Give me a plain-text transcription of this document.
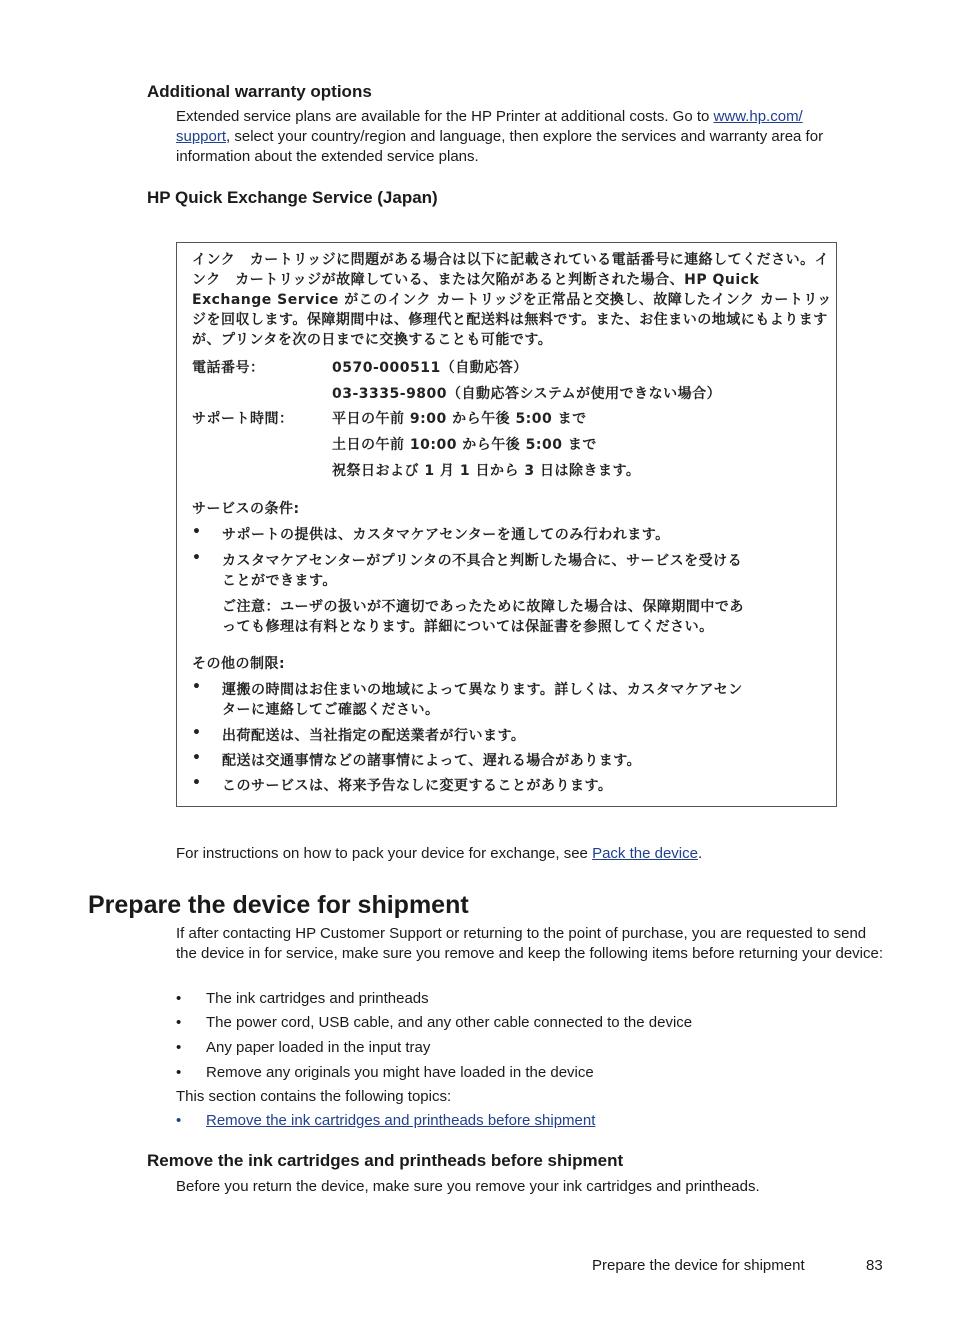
Additional warranty options
Extended service plans are available for the HP Printer at additional costs. Go to www.hp.com/
support, select your country/region and language, then explore the services and warranty area for information about the extended service plans.
HP Quick Exchange Service (Japan)
インク　カートリッジに問題がある場合は以下に記載されている電話番号に連絡してください。インク　カートリッジが故障している、または欠陥があると判断された場合、HP Quick Exchange Service がこのインク カートリッジを正常品と交換し、故障したインク カートリッジを回収します。保障期間中は、修理代と配送料は無料です。また、お住まいの地域にもよりますが、プリンタを次の日までに交換することも可能です。
電話番号：	0570-000511（自動応答）
03-3335-9800（自動応答システムが使用できない場合）
サポート時間：	平日の午前 9:00 から午後 5:00 まで
土日の午前 10:00 から午後 5:00 まで
祝祭日および 1 月 1 日から 3 日は除きます。
サービスの条件:
• サポートの提供は、カスタマケアセンターを通してのみ行われます。
• カスタマケアセンターがプリンタの不具合と判断した場合に、サービスを受ける
ことができます。
ご注意：ユーザの扱いが不適切であったために故障した場合は、保障期間中であ
っても修理は有料となります。詳細については保証書を参照してください。
その他の制限:
• 運搬の時間はお住まいの地域によって異なります。詳しくは、カスタマケアセン
ターに連絡してご確認ください。
• 出荷配送は、当社指定の配送業者が行います。
• 配送は交通事情などの諸事情によって、遅れる場合があります。
• このサービスは、将来予告なしに変更することがあります。
For instructions on how to pack your device for exchange, see Pack the device.
Prepare the device for shipment
If after contacting HP Customer Support or returning to the point of purchase, you are requested to send the device in for service, make sure you remove and keep the following items before returning your device:
• The ink cartridges and printheads
• The power cord, USB cable, and any other cable connected to the device
• Any paper loaded in the input tray
• Remove any originals you might have loaded in the device
This section contains the following topics:
• Remove the ink cartridges and printheads before shipment
Remove the ink cartridges and printheads before shipment
Before you return the device, make sure you remove your ink cartridges and printheads.
Prepare the device for shipment	83
